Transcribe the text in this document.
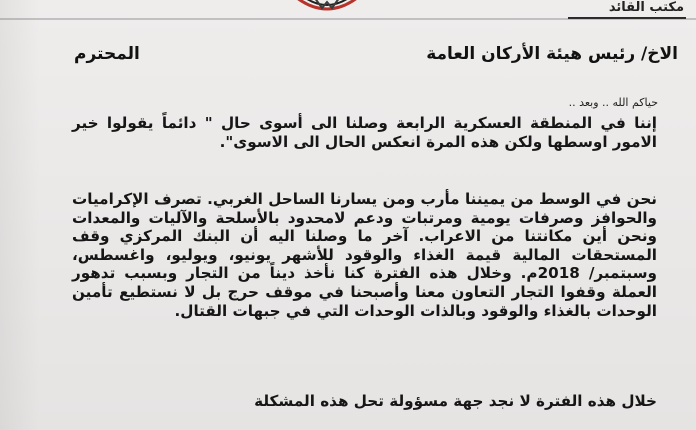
مكتب القائد
الاخ/ رئيس هيئة الأركان العامة
المحترم
حياكم الله .. وبعد ..
إننا في المنطقة العسكرية الرابعة وصلنا الى أسوى حال " دائماً يقولوا خير الامور اوسطها ولكن هذه المرة انعكس الحال الى الاسوى".
نحن في الوسط من يميننا مأرب ومن يسارنا الساحل الغربي. تصرف الإكراميات والحوافز وصرفات يومية ومرتبات ودعم لامحدود بالأسلحة والآليات والمعدات ونحن أين مكانتنا من الاعراب. آخر ما وصلنا اليه أن البنك المركزي وقف المستحقات المالية قيمة الغذاء والوقود للأشهر يونيو، ويوليو، واغسطس، وسبتمبر/ 2018م. وخلال هذه الفترة كنا نأخذ ديناً من التجار وبسبب تدهور العملة وقفوا التجار التعاون معنا وأصبحنا في موقف حرج بل لا نستطيع تأمين الوحدات بالغذاء والوقود وبالذات الوحدات التي في جبهات القتال.
خلال هذه الفترة لا نجد جهة مسؤولة تحل هذه المشكلة
